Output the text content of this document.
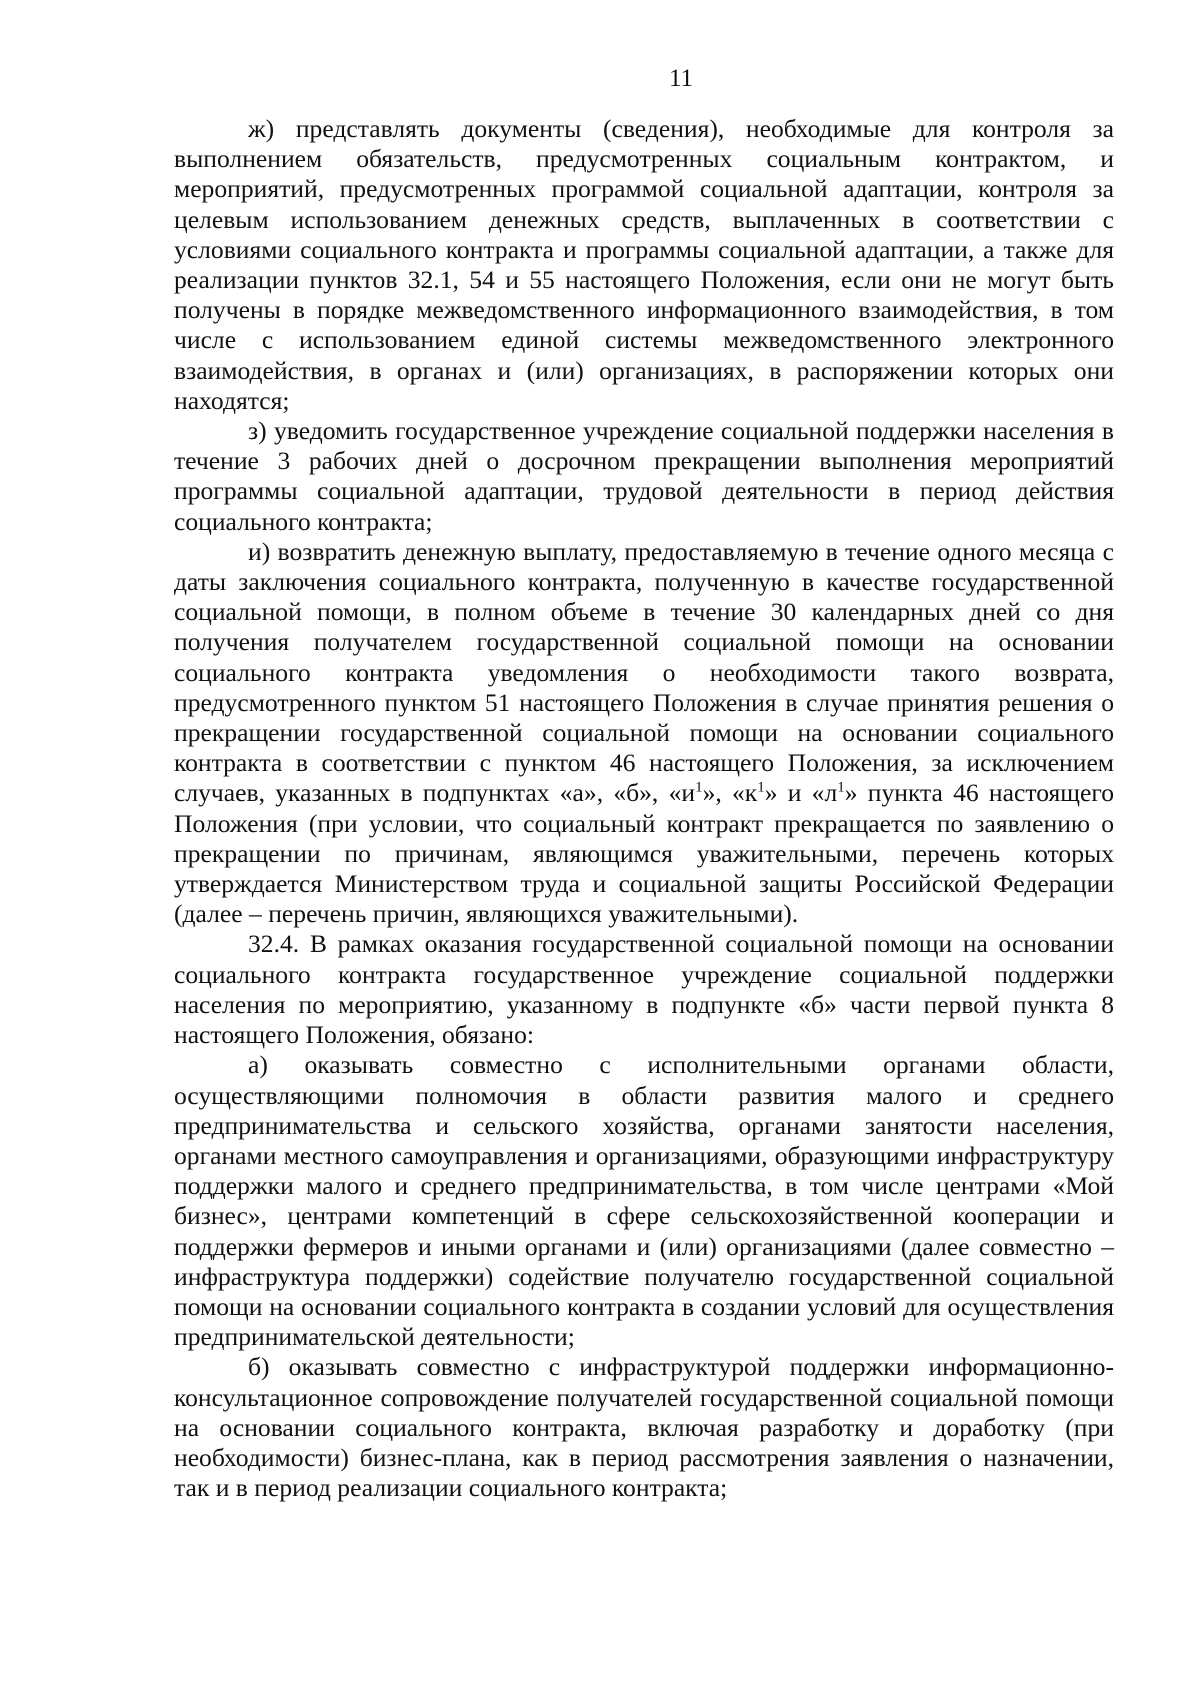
11

ж) представлять документы (сведения), необходимые для контроля за выполнением обязательств, предусмотренных социальным контрактом, и мероприятий, предусмотренных программой социальной адаптации, контроля за целевым использованием денежных средств, выплаченных в соответствии с условиями социального контракта и программы социальной адаптации, а также для реализации пунктов 32.1, 54 и 55 настоящего Положения, если они не могут быть получены в порядке межведомственного информационного взаимодействия, в том числе с использованием единой системы межведомственного электронного взаимодействия, в органах и (или) организациях, в распоряжении которых они находятся;

з) уведомить государственное учреждение социальной поддержки населения в течение 3 рабочих дней о досрочном прекращении выполнения мероприятий программы социальной адаптации, трудовой деятельности в период действия социального контракта;

и) возвратить денежную выплату, предоставляемую в течение одного месяца с даты заключения социального контракта, полученную в качестве государственной социальной помощи, в полном объеме в течение 30 календарных дней со дня получения получателем государственной социальной помощи на основании социального контракта уведомления о необходимости такого возврата, предусмотренного пунктом 51 настоящего Положения в случае принятия решения о прекращении государственной социальной помощи на основании социального контракта в соответствии с пунктом 46 настоящего Положения, за исключением случаев, указанных в подпунктах «а», «б», «$и^1$», «$к^1$» и «$л^1$» пункта 46 настоящего Положения (при условии, что социальный контракт прекращается по заявлению о прекращении по причинам, являющимся уважительными, перечень которых утверждается Министерством труда и социальной защиты Российской Федерации (далее – перечень причин, являющихся уважительными).

32.4. В рамках оказания государственной социальной помощи на основании социального контракта государственное учреждение социальной поддержки населения по мероприятию, указанному в подпункте «б» части первой пункта 8 настоящего Положения, обязано:

а) оказывать совместно с исполнительными органами области, осуществляющими полномочия в области развития малого и среднего предпринимательства и сельского хозяйства, органами занятости населения, органами местного самоуправления и организациями, образующими инфраструктуру поддержки малого и среднего предпринимательства, в том числе центрами «Мой бизнес», центрами компетенций в сфере сельскохозяйственной кооперации и поддержки фермеров и иными органами и (или) организациями (далее совместно – инфраструктура поддержки) содействие получателю государственной социальной помощи на основании социального контракта в создании условий для осуществления предпринимательской деятельности;

б) оказывать совместно с инфраструктурой поддержки информационно-консультационное сопровождение получателей государственной социальной помощи на основании социального контракта, включая разработку и доработку (при необходимости) бизнес-плана, как в период рассмотрения заявления о назначении, так и в период реализации социального контракта;
